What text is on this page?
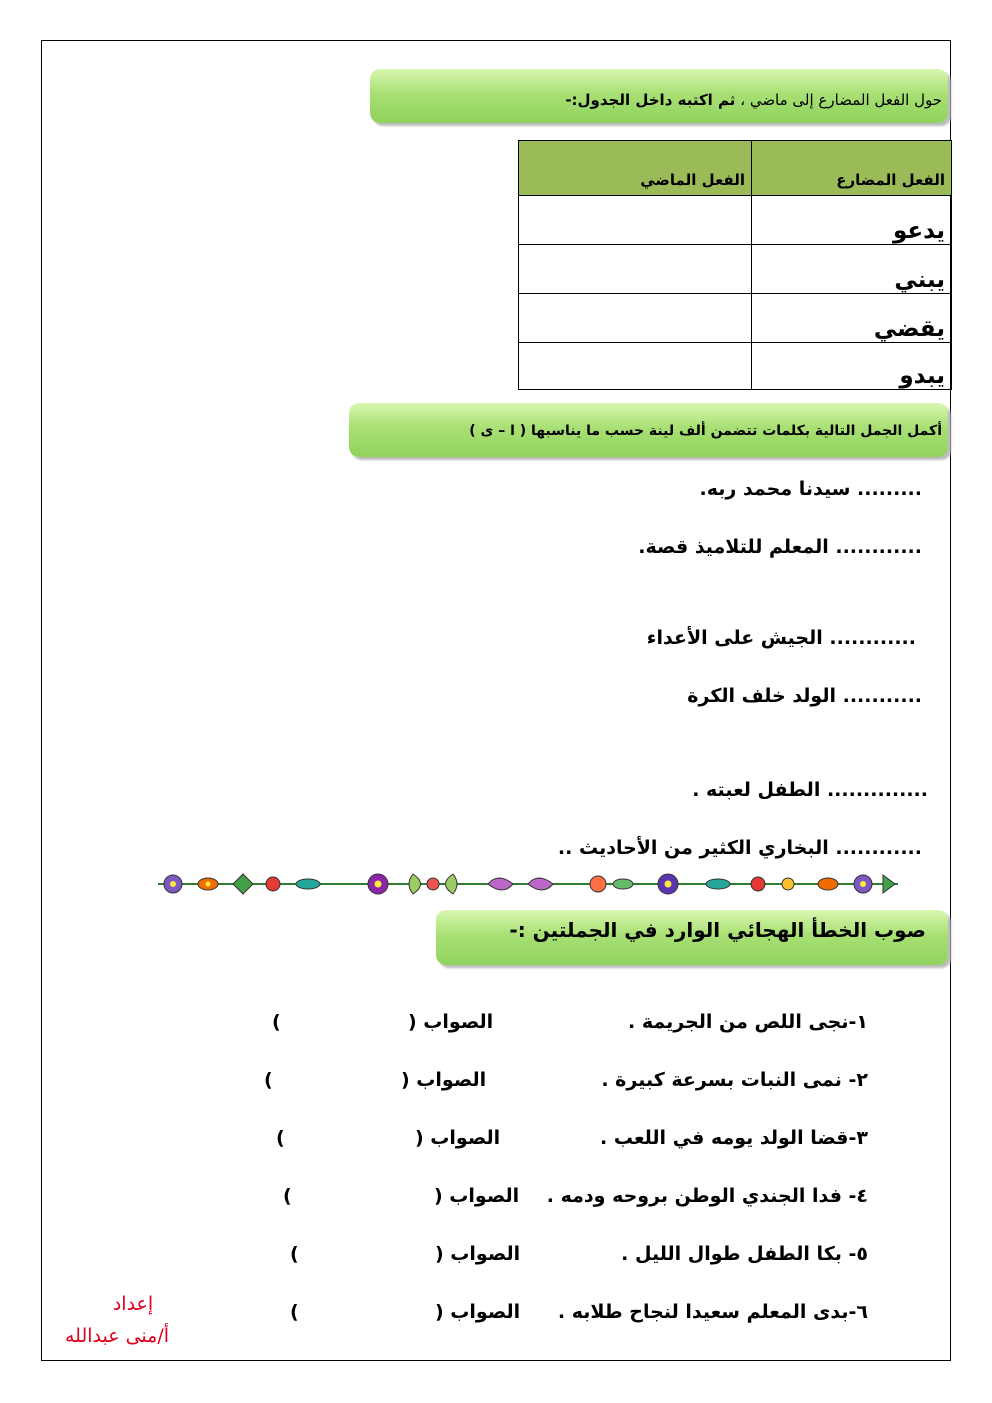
حول الفعل المضارع إلى ماضي ، ثم اكتبه داخل الجدول:-
الفعل المضارع	الفعل الماضي
يدعو	
يبني	
يقضي	
يبدو	
أكمل الجمل التالية بكلمات تتضمن ألف لينة حسب ما يناسبها ( ا – ى )
......... سيدنا محمد ربه.
............ المعلم للتلاميذ قصة.
............ الجيش على الأعداء
........... الولد خلف الكرة
.............. الطفل لعبته .
............ البخاري الكثير من الأحاديث ..
صوب الخطأ الهجائي الوارد في الجملتين :-
١-نجى اللص من الجريمة .
الصواب (
)
٢- نمى النبات بسرعة كبيرة .
الصواب (
)
٣-قضا الولد يومه في اللعب .
الصواب (
)
٤- فدا الجندي الوطن بروحه ودمه .
الصواب (
)
٥- بكا الطفل طوال الليل .
الصواب (
)
٦-بدى المعلم سعيدا لنجاح طلابه .
الصواب (
)
إعداد
أ/منى عبدالله
